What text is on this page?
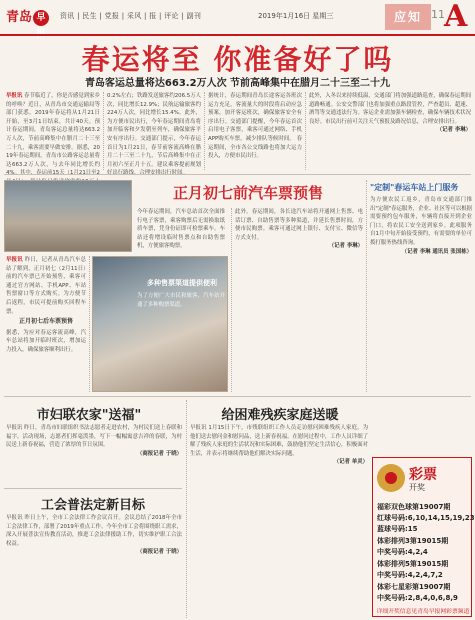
青岛 早	资讯 | 民生 | 党报 | 采风 | 报 | 评论 | 副刊	2019年1月16日 星期三	应知 11 A
春运将至 你准备好了吗
青岛客运总量将达663.2万人次 节前高峰集中在腊月二十三至二十九
早报讯 春节临近了，你是否感觉到家乡的呼唤？近日，从青岛市交通运输局等部门获悉，2019年春运将从1月21日开始，至3月1日结束，共计40天。预计春运期间，青岛客运总量将达663.2万人次，节前高峰集中在腊月二十三至二十九，乘客需要早做安排。据悉，2019年春运期间，青岛市公路客运总量将达663.2万人次，与去年同比增长约4%。其中，春运前15天（1月21日至2
0.2%左右；铁路发送旅客约206.5万人次，同比增长12.9%；民航运输旅客约224万人次，同比增长15.4%。此外，为方便市民出行，今年春运期间青岛将加开临客和夕发朝至列车，确保旅客平安有序出行。交通部门提示，今年春运首日为1月21日，春节前客流高峰在腊月二十三至二十九，节后高峰集中在正月初六至正月十五。建议乘客提前规划好出行路线，合理安排出行时间。
据统计，春运期间青岛长途客运各班次运力充足，客流量大的时段将启动应急预案，加开客运班次，确保旅客安全有序出行。交通部门提醒，今年春运首次启用电子客票，乘客可通过网络、手机APP购买车票，减少排队等候时间。 春运期间，全市各公交线路也将加大运力投入，方便市民出行。
此外，入冬以来持续低温，交通部门将加强道路巡查，确保春运期间道路畅通。公安交警部门也将加强重点路段管控，严查超员、超速、酒驾等交通违法行为。客运企业需加强车辆检查，确保车辆技术状况良好。市民出行前可关注天气预报及路况信息，合理安排出行。
（记者 李琳）
正月初七前汽车票预售
早报讯 昨日，记者从青岛汽车总站了解到，正月初七（2月11日）前的汽车票已开始预售，乘客可通过官方网站、手机APP、车站售票窗口等方式购买。为方便节后返程，市民可提前购买回程车票。
正月初七后车票预售
据悉，为应对春运客流高峰，汽车总站将加开临时班次，增加运力投入，确保旅客顺利出行。
今年春运期间，汽车总站首次全面推行电子客票，乘客购票后无需换取纸质车票，凭身份证即可检票乘车。车站还将增设临时售票点和自助售票机，方便旅客购票。
多种售票渠道提供便利
为了方便广大市民和旅客，汽车站开通了多种购票渠道。
此外，春运期间，各长途汽车站将开通网上售票、电话订票、自助售票等多种渠道，并延长售票时间，方便市民购票。乘客可通过网上银行、支付宝、微信等方式支付。
（记者 李琳）
"定制"春运车站上门服务
为方便农民工返乡，青岛市交通部门推出"定制"春运服务，企业、社区等可以根据需要预约包车服务，车辆将直接开到企业门口，将农民工安全送到家乡。此项服务自1月中旬开始接受预约，有需要的单位可拨打服务热线咨询。
（记者 李琳 通讯员 张国栋）
市妇联农家"送福"
早报讯 昨日，青岛市妇联组织书法志愿者走进农村，为村民们送上春联和福字。活动现场，志愿者们挥毫泼墨，写下一幅幅寓意吉祥的春联，为村民送上新春祝福，营造了浓厚的节日氛围。
（商报记者 于晓）
工会普法定新目标
早报讯 昨日上午，全市工会法律工作会议召开。会议总结了2018年全市工会法律工作，部署了2019年重点工作。今年全市工会将围绕职工需求，深入开展普法宣传教育活动，推进工会法律援助工作，切实维护职工合法权益。
（商报记者 于晓）
给困难残疾家庭送暖
早报讯 1月15日下午，市残联组织工作人员走访慰问困难残疾人家庭，为他们送去慰问金和慰问品，送上新春祝福。在慰问过程中，工作人员详细了解了残疾人家庭的生活状况和实际困难，鼓励他们坚定生活信心，积极面对生活，并表示将继续帮助他们解决实际问题。
（记者 单灵）
彩票
开奖
福彩双色球第19007期
红球号码:6,10,14,15,19,23
蓝球号码:15
体彩排列3第19015期
中奖号码:4,2,4
体彩排列5第19015期
中奖号码:4,2,4,7,2
体彩七星彩第19007期
中奖号码:2,8,4,0,6,8,9
详细开奖信息见青岛早报网彩票频道
